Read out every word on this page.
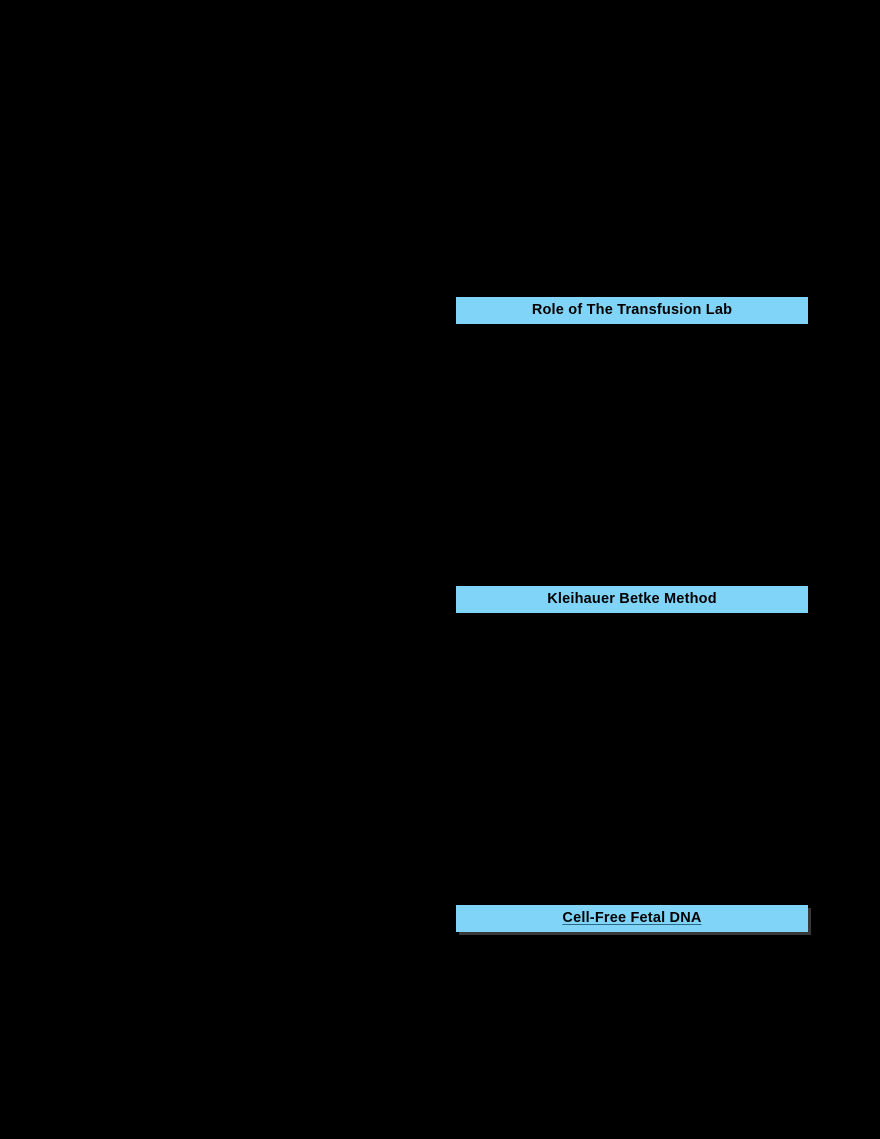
Role of The Transfusion Lab
Kleihauer Betke Method
Cell-Free Fetal DNA
